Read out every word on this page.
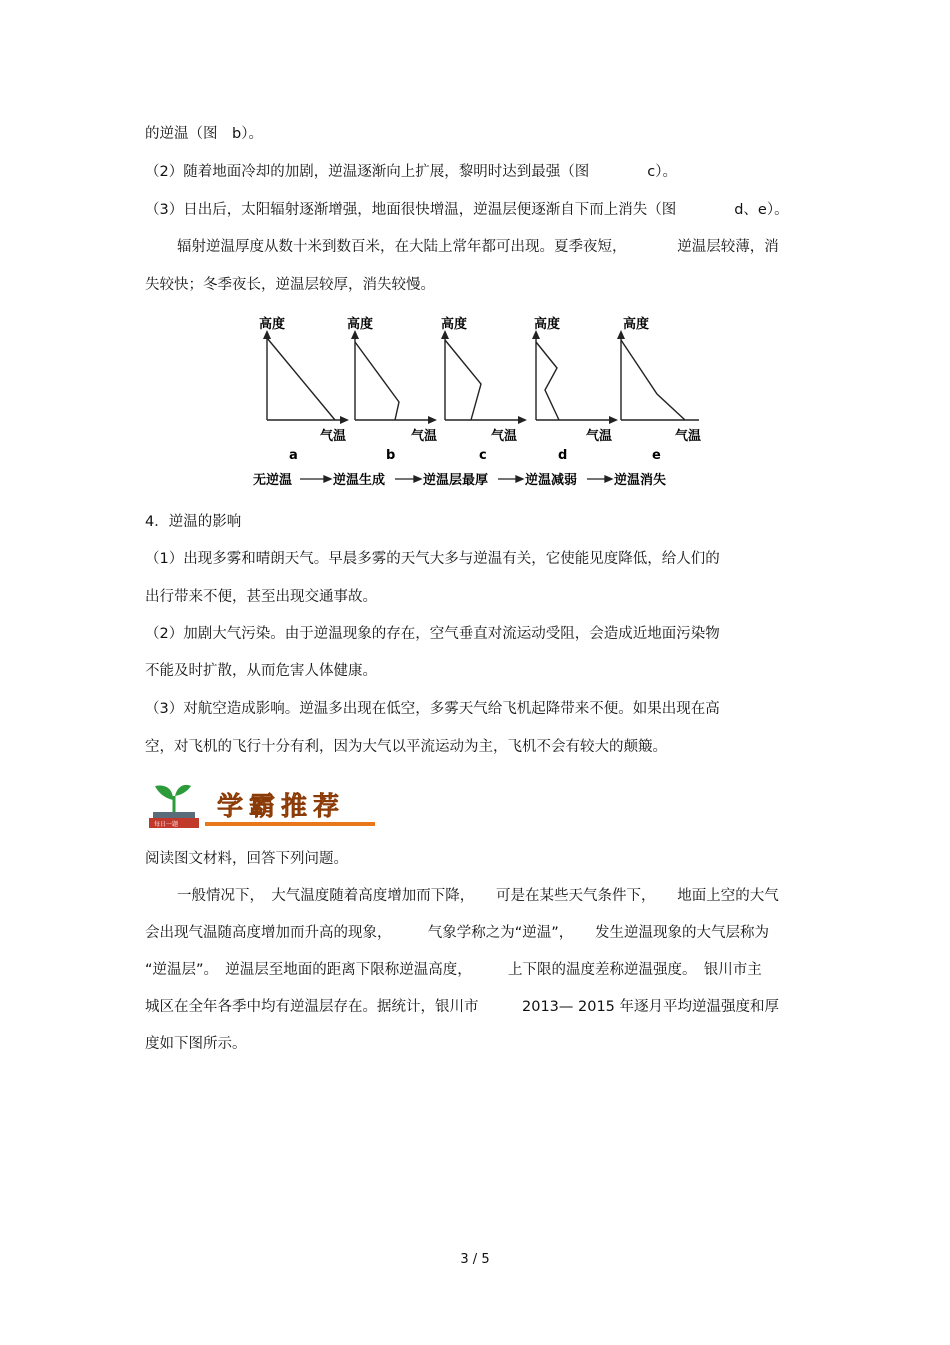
的逆温（图　b）。
（2）随着地面冷却的加剧，逆温逐渐向上扩展，黎明时达到最强（图　　　　c）。
（3）日出后，太阳辐射逐渐增强，地面很快增温，逆温层便逐渐自下而上消失（图　　　　d、e）。
辐射逆温厚度从数十米到数百米，在大陆上常年都可出现。夏季夜短，　　　　逆温层较薄，消
失较快；冬季夜长，逆温层较厚，消失较慢。
高度	高度	高度	高度	高度
气温	气温	气温	气温	气温
a	b	c	d	e
无逆温	逆温生成	逆温层最厚	逆温减弱	逆温消失
4．逆温的影响
（1）出现多雾和晴朗天气。早晨多雾的天气大多与逆温有关，它使能见度降低，给人们的
出行带来不便，甚至出现交通事故。
（2）加剧大气污染。由于逆温现象的存在，空气垂直对流运动受阻，会造成近地面污染物
不能及时扩散，从而危害人体健康。
（3）对航空造成影响。逆温多出现在低空，多雾天气给飞机起降带来不便。如果出现在高
空，对飞机的飞行十分有利，因为大气以平流运动为主，飞机不会有较大的颠簸。
每日一题
学霸推荐
阅读图文材料，回答下列问题。
一般情况下，　大气温度随着高度增加而下降，　　可是在某些天气条件下，　　地面上空的大气
会出现气温随高度增加而升高的现象，　　　气象学称之为“逆温”，　　发生逆温现象的大气层称为
“逆温层”。　逆温层至地面的距离下限称逆温高度，　　　上下限的温度差称逆温强度。　银川市主
城区在全年各季中均有逆温层存在。据统计，银川市　　　2013— 2015 年逐月平均逆温强度和厚
度如下图所示。
3 / 5
